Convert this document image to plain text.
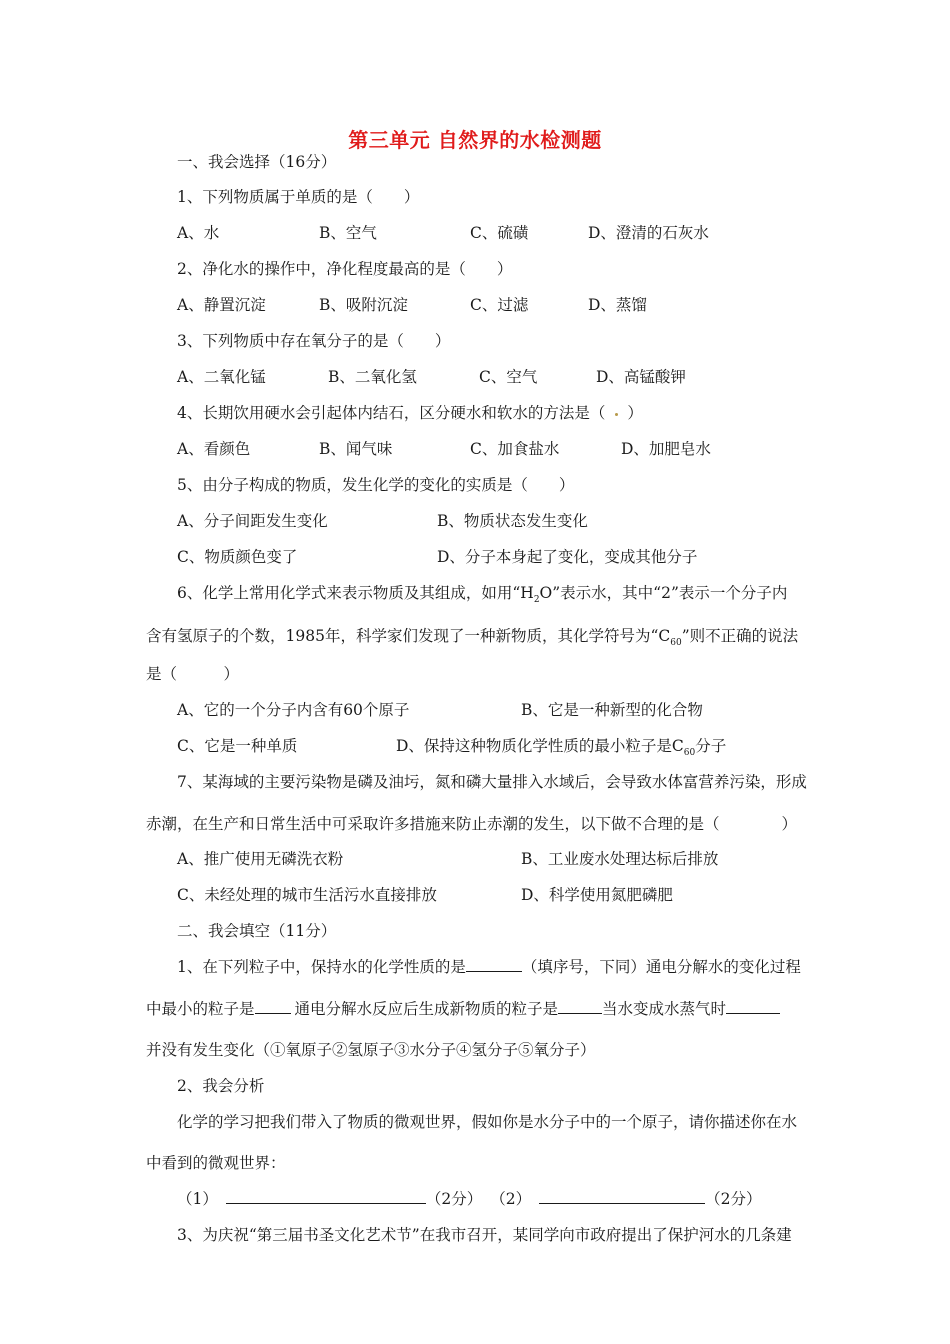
第三单元 自然界的水检测题
一、我会选择（16分）
1、下列物质属于单质的是（　　）
A、水	B、空气	C、硫磺	D、澄清的石灰水
2、净化水的操作中，净化程度最高的是（　　）
A、静置沉淀	B、吸附沉淀	C、过滤	D、蒸馏
3、下列物质中存在氧分子的是（　　）
A、二氧化锰	B、二氧化氢	C、空气	D、高锰酸钾
4、长期饮用硬水会引起体内结石，区分硬水和软水的方法是（ ）
A、看颜色	B、闻气味	C、加食盐水	D、加肥皂水
5、由分子构成的物质，发生化学的变化的实质是（　　）
A、分子间距发生变化	B、物质状态发生变化
C、物质颜色变了	D、分子本身起了变化，变成其他分子
6、化学上常用化学式来表示物质及其组成，如用“$H_2O$”表示水，其中“2”表示一个分子内
含有氢原子的个数，1985年，科学家们发现了一种新物质，其化学符号为“$C_{60}$”则不正确的说法
是（　　　）
A、它的一个分子内含有60个原子	B、它是一种新型的化合物
C、它是一种单质	D、保持这种物质化学性质的最小粒子是$C_{60}$分子
7、某海域的主要污染物是磷及油圬，氮和磷大量排入水域后，会导致水体富营养污染，形成
赤潮，在生产和日常生活中可采取许多措施来防止赤潮的发生，以下做不合理的是（　　　　）
A、推广使用无磷洗衣粉	B、工业废水处理达标后排放
C、未经处理的城市生活污水直接排放	D、科学使用氮肥磷肥
二、我会填空（11分）
1、在下列粒子中，保持水的化学性质的是	（填序号，下同）通电分解水的变化过程
中最小的粒子是	通电分解水反应后生成新物质的粒子是	当水变成水蒸气时
并没有发生变化（①氧原子②氢原子③水分子④氢分子⑤氧分子）
2、我会分析
化学的学习把我们带入了物质的微观世界，假如你是水分子中的一个原子，请你描述你在水
中看到的微观世界：
（1）	（2分） （2）	（2分）
3、为庆祝“第三届书圣文化艺术节”在我市召开，某同学向市政府提出了保护河水的几条建
